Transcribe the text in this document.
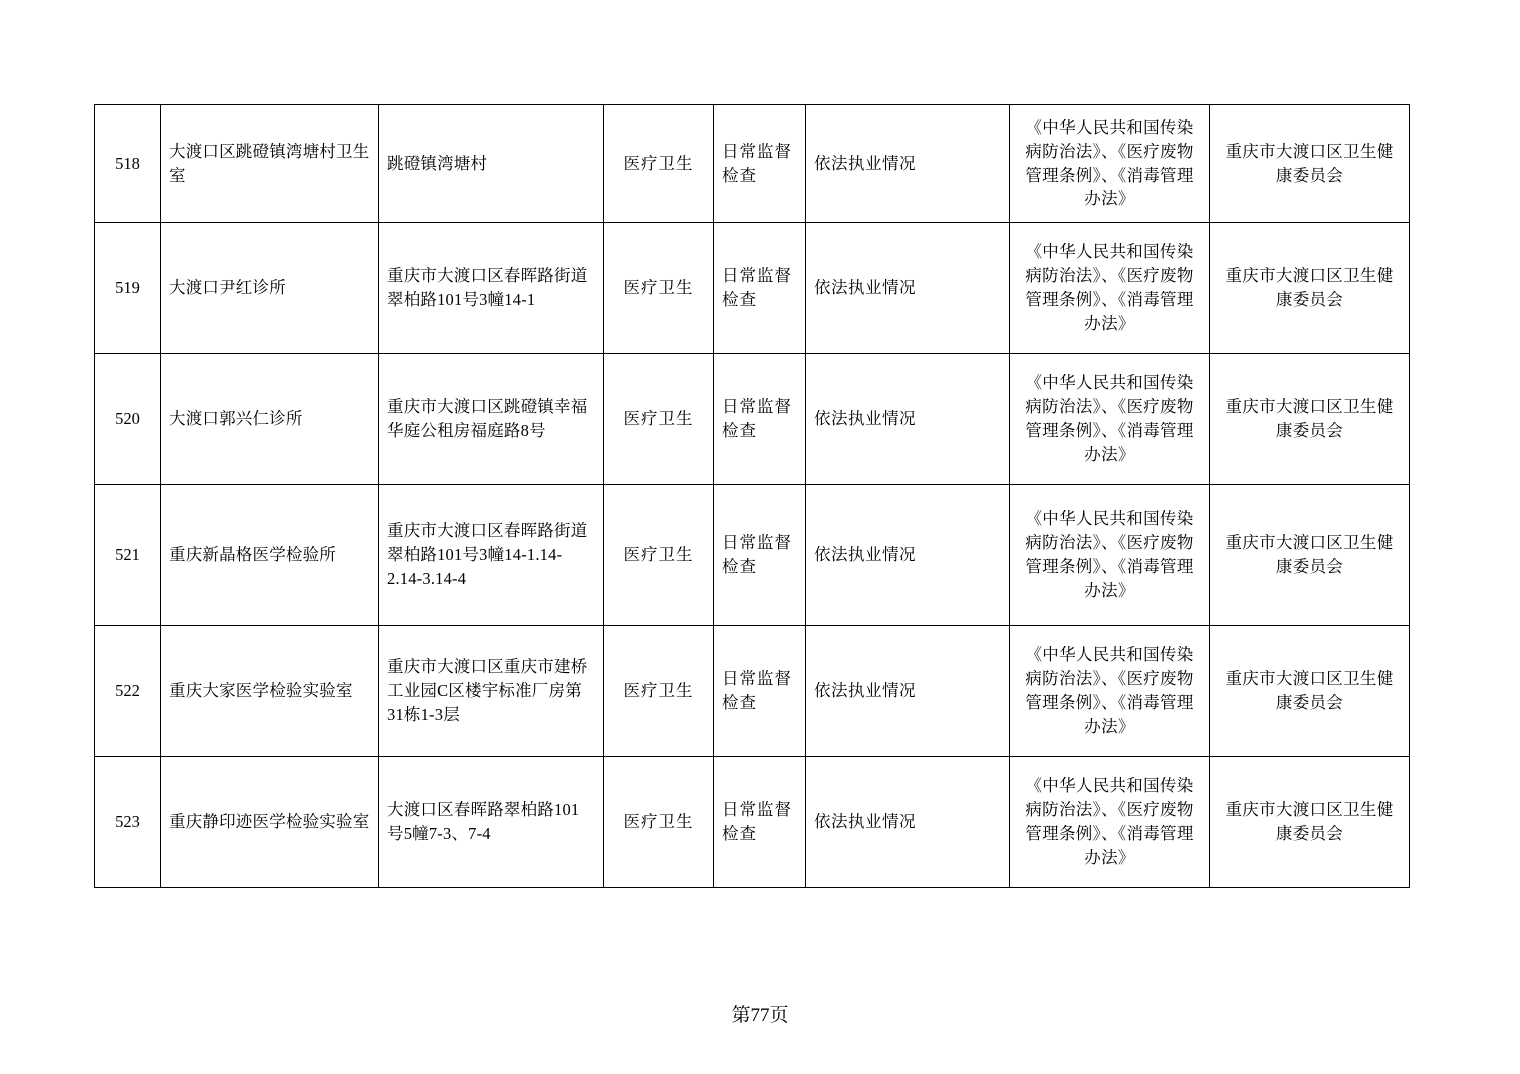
518	大渡口区跳磴镇湾塘村卫生室	跳磴镇湾塘村	医疗卫生	日常监督检查	依法执业情况	《中华人民共和国传染病防治法》、《医疗废物管理条例》、《消毒管理办法》	重庆市大渡口区卫生健康委员会
519	大渡口尹红诊所	重庆市大渡口区春晖路街道翠柏路101号3幢14-1	医疗卫生	日常监督检查	依法执业情况	《中华人民共和国传染病防治法》、《医疗废物管理条例》、《消毒管理办法》	重庆市大渡口区卫生健康委员会
520	大渡口郭兴仁诊所	重庆市大渡口区跳磴镇幸福华庭公租房福庭路8号	医疗卫生	日常监督检查	依法执业情况	《中华人民共和国传染病防治法》、《医疗废物管理条例》、《消毒管理办法》	重庆市大渡口区卫生健康委员会
521	重庆新晶格医学检验所	重庆市大渡口区春晖路街道翠柏路101号3幢14-1.14-2.14-3.14-4	医疗卫生	日常监督检查	依法执业情况	《中华人民共和国传染病防治法》、《医疗废物管理条例》、《消毒管理办法》	重庆市大渡口区卫生健康委员会
522	重庆大家医学检验实验室	重庆市大渡口区重庆市建桥工业园C区楼宇标准厂房第31栋1-3层	医疗卫生	日常监督检查	依法执业情况	《中华人民共和国传染病防治法》、《医疗废物管理条例》、《消毒管理办法》	重庆市大渡口区卫生健康委员会
523	重庆静印迹医学检验实验室	大渡口区春晖路翠柏路101号5幢7-3、7-4	医疗卫生	日常监督检查	依法执业情况	《中华人民共和国传染病防治法》、《医疗废物管理条例》、《消毒管理办法》	重庆市大渡口区卫生健康委员会
第77页
